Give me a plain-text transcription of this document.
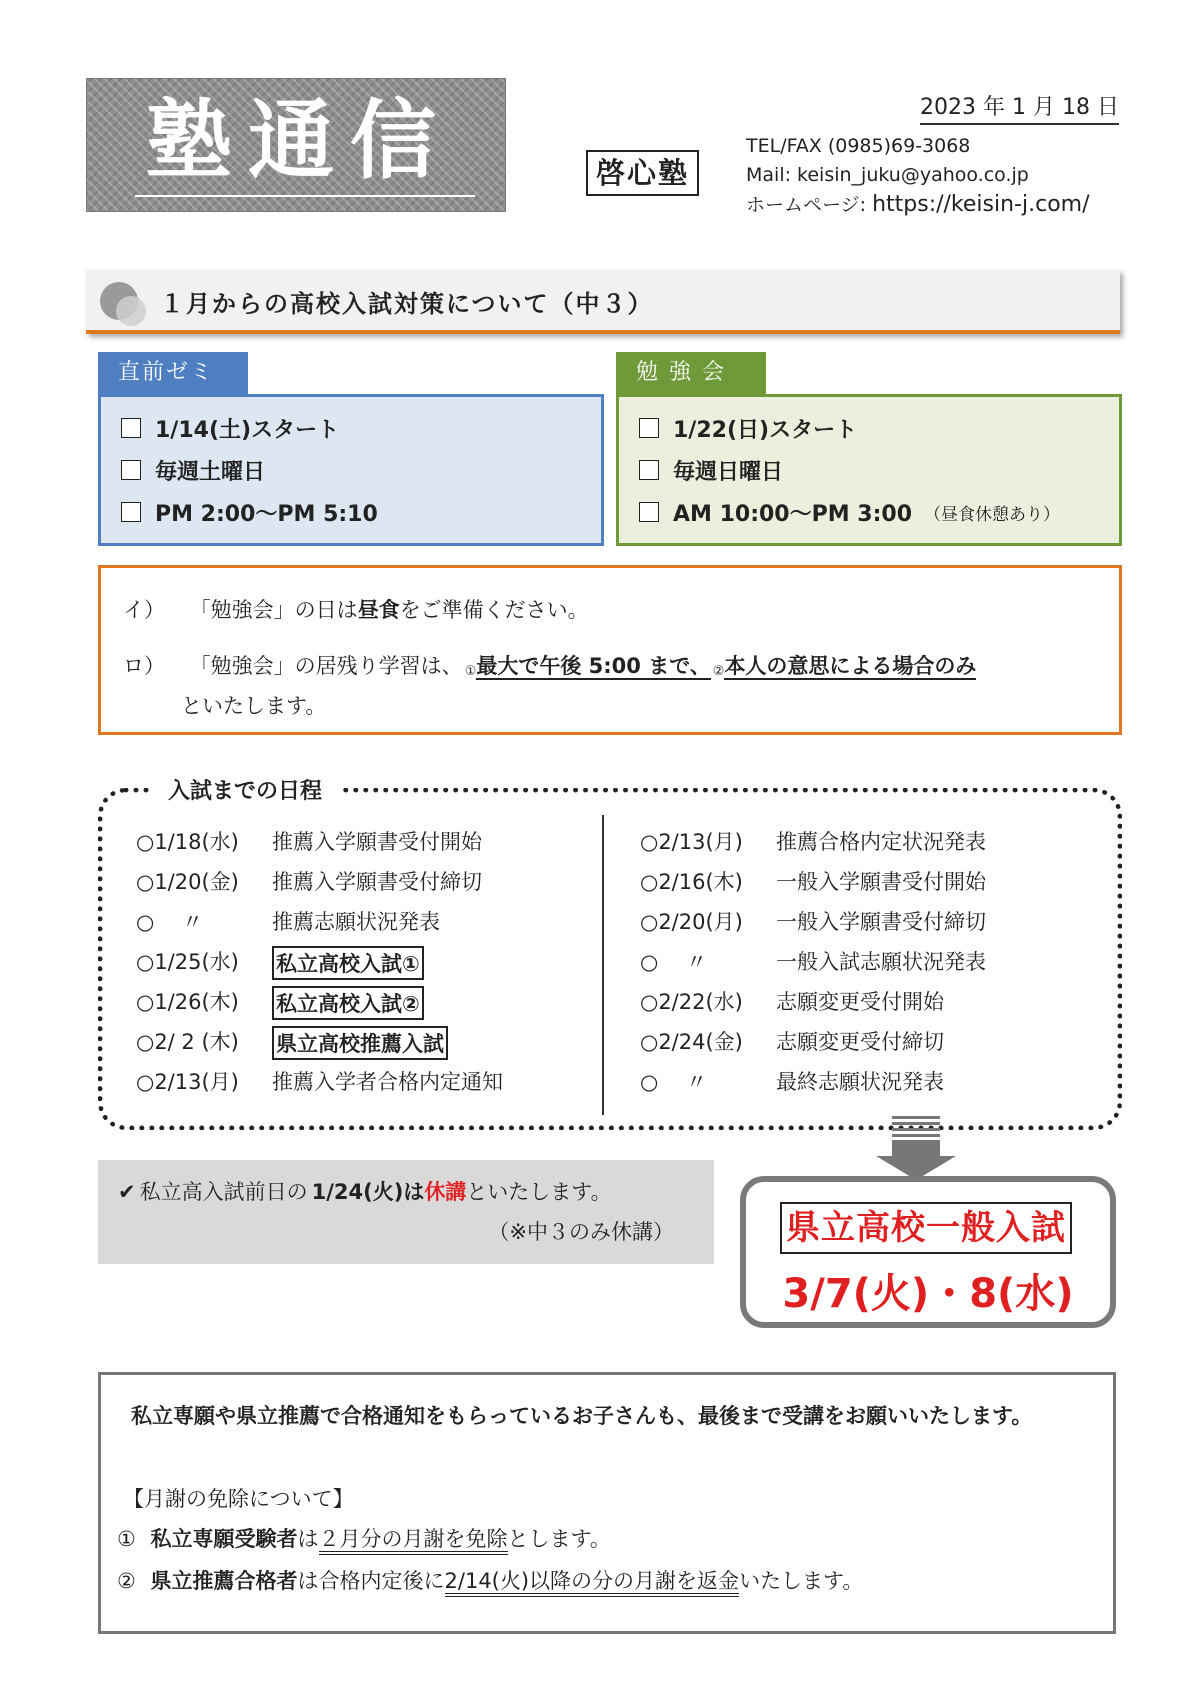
塾通信	2023 年 1 月 18 日
啓心塾
TEL/FAX (0985)69-3068
Mail: keisin_juku@yahoo.co.jp
ホームページ: https://keisin-j.com/
１月からの高校入試対策について（中３）
直前ゼミ
1/14(土)スタート
毎週土曜日
PM 2:00〜PM 5:10
勉 強 会
1/22(日)スタート
毎週日曜日
AM 10:00〜PM 3:00 （昼食休憩あり）
イ） 「勉強会」の日は昼食をご準備ください。
ロ） 「勉強会」の居残り学習は、 ①最大で午後 5:00 まで、 ②本人の意思による場合のみ
といたします。
入試までの日程
○1/18(水)	推薦入学願書受付開始
○1/20(金)	推薦入学願書受付締切
○　 〃	推薦志願状況発表
○1/25(水)	私立高校入試①
○1/26(木)	私立高校入試②
○2/ 2 (木)	県立高校推薦入試
○2/13(月)	推薦入学者合格内定通知
○2/13(月)	推薦合格内定状況発表
○2/16(木)	一般入学願書受付開始
○2/20(月)	一般入学願書受付締切
○　 〃	一般入試志願状況発表
○2/22(水)	志願変更受付開始
○2/24(金)	志願変更受付締切
○　 〃	最終志願状況発表
✔ 私立高入試前日の 1/24(火)は休講といたします。
（※中３のみ休講）	県立高校一般入試
3/7(火)・8(水)
私立専願や県立推薦で合格通知をもらっているお子さんも、最後まで受講をお願いいたします。
【月謝の免除について】
① 私立専願受験者は２月分の月謝を免除とします。
② 県立推薦合格者は合格内定後に2/14(火)以降の分の月謝を返金いたします。
